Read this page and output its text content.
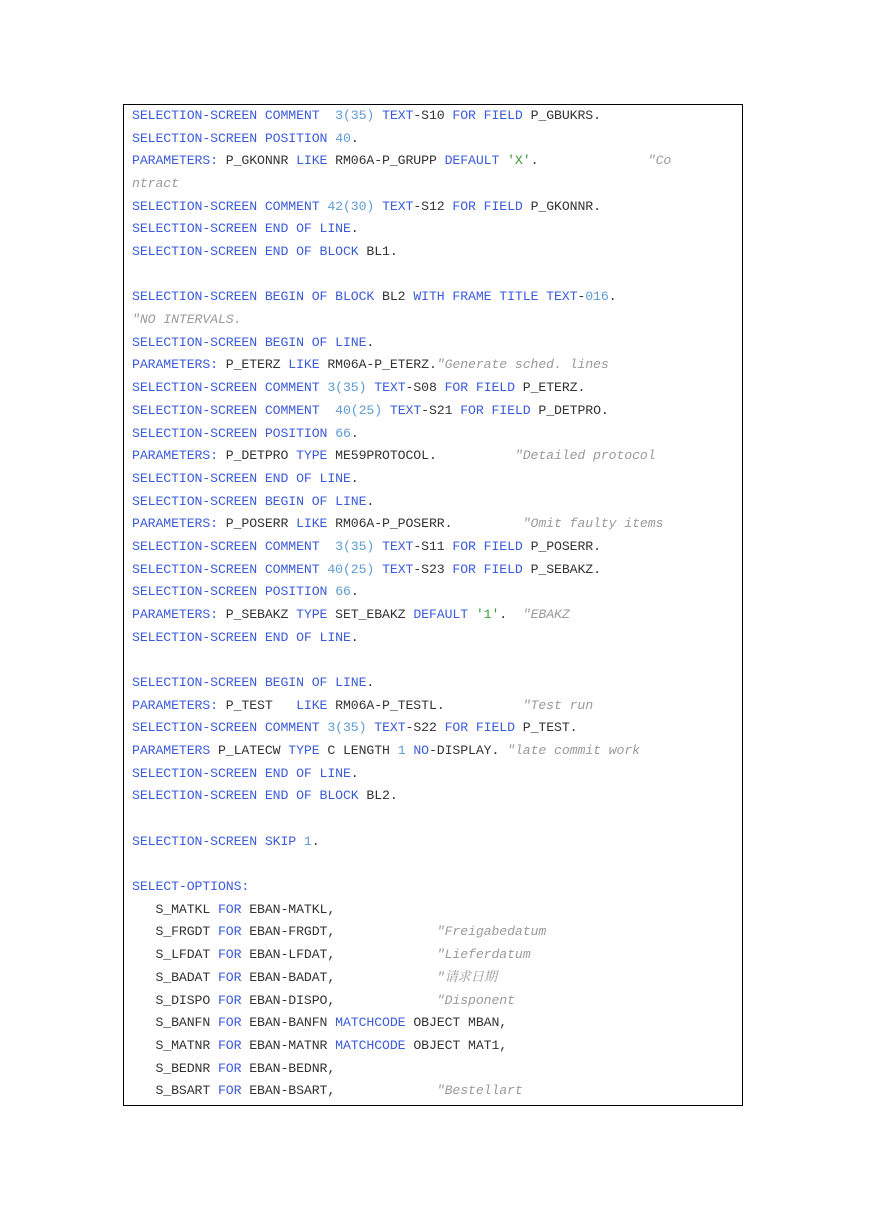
SELECTION-SCREEN COMMENT 3(35) TEXT-S10 FOR FIELD P_GBUKRS.
SELECTION-SCREEN POSITION 40.
PARAMETERS: P_GKONNR LIKE RM06A-P_GRUPP DEFAULT 'X'.              "Co
ntract
SELECTION-SCREEN COMMENT 42(30) TEXT-S12 FOR FIELD P_GKONNR.
SELECTION-SCREEN END OF LINE.
SELECTION-SCREEN END OF BLOCK BL1.
SELECTION-SCREEN BEGIN OF BLOCK BL2 WITH FRAME TITLE TEXT-016.
"NO INTERVALS.
SELECTION-SCREEN BEGIN OF LINE.
PARAMETERS: P_ETERZ LIKE RM06A-P_ETERZ."Generate sched. lines
SELECTION-SCREEN COMMENT 3(35) TEXT-S08 FOR FIELD P_ETERZ.
SELECTION-SCREEN COMMENT 40(25) TEXT-S21 FOR FIELD P_DETPRO.
SELECTION-SCREEN POSITION 66.
PARAMETERS: P_DETPRO TYPE ME59PROTOCOL.          "Detailed protocol
SELECTION-SCREEN END OF LINE.
SELECTION-SCREEN BEGIN OF LINE.
PARAMETERS: P_POSERR LIKE RM06A-P_POSERR.         "Omit faulty items
SELECTION-SCREEN COMMENT 3(35) TEXT-S11 FOR FIELD P_POSERR.
SELECTION-SCREEN COMMENT 40(25) TEXT-S23 FOR FIELD P_SEBAKZ.
SELECTION-SCREEN POSITION 66.
PARAMETERS: P_SEBAKZ TYPE SET_EBAKZ DEFAULT '1'.  "EBAKZ
SELECTION-SCREEN END OF LINE.
SELECTION-SCREEN BEGIN OF LINE.
PARAMETERS: P_TEST   LIKE RM06A-P_TESTL.          "Test run
SELECTION-SCREEN COMMENT 3(35) TEXT-S22 FOR FIELD P_TEST.
PARAMETERS P_LATECW TYPE C LENGTH 1 NO-DISPLAY. "late commit work
SELECTION-SCREEN END OF LINE.
SELECTION-SCREEN END OF BLOCK BL2.
SELECTION-SCREEN SKIP 1.
SELECT-OPTIONS:
S_MATKL FOR EBAN-MATKL,
S_FRGDT FOR EBAN-FRGDT,             "Freigabedatum
S_LFDAT FOR EBAN-LFDAT,             "Lieferdatum
S_BADAT FOR EBAN-BADAT,             "请求日期
S_DISPO FOR EBAN-DISPO,             "Disponent
S_BANFN FOR EBAN-BANFN MATCHCODE OBJECT MBAN,
S_MATNR FOR EBAN-MATNR MATCHCODE OBJECT MAT1,
S_BEDNR FOR EBAN-BEDNR,
S_BSART FOR EBAN-BSART,             "Bestellart
